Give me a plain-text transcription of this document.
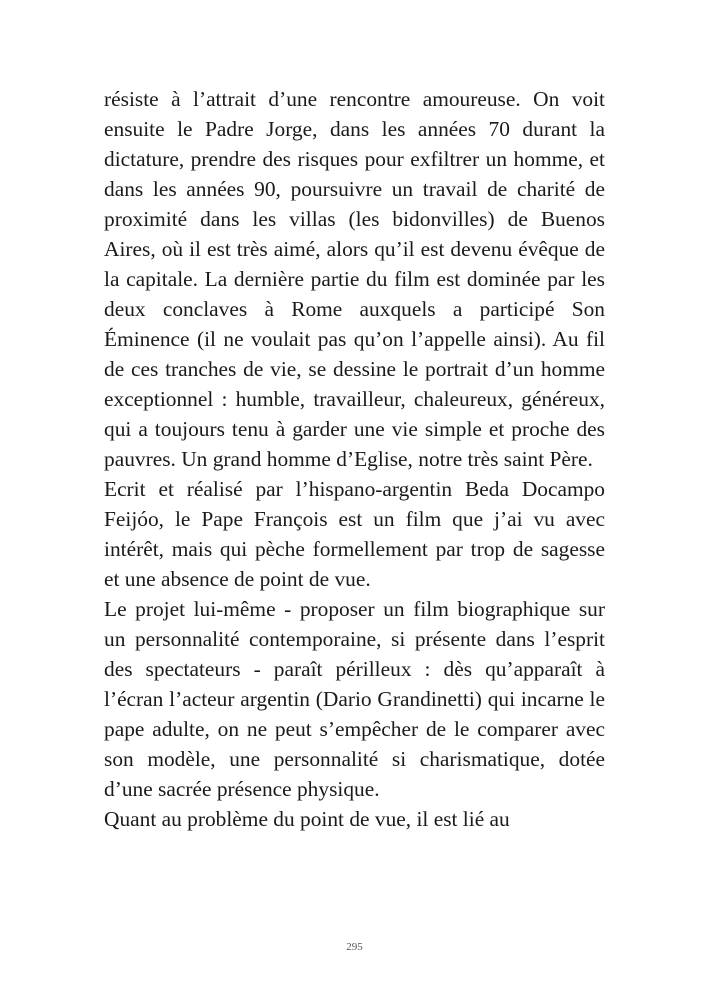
résiste à l’attrait d’une rencontre amoureuse. On voit ensuite le Padre Jorge, dans les années 70 durant la dictature, prendre des risques pour exfiltrer un homme, et dans les années 90, poursuivre un travail de charité de proximité dans les villas (les bidonvilles) de Buenos Aires, où il est très aimé, alors qu’il est devenu évêque de la capitale. La dernière partie du film est dominée par les deux conclaves à Rome auxquels a participé Son Éminence (il ne voulait pas qu’on l’appelle ainsi). Au fil de ces tranches de vie, se dessine le portrait d’un homme exceptionnel : humble, travailleur, chaleureux, généreux, qui a toujours tenu à garder une vie simple et proche des pauvres. Un grand homme d’Eglise, notre très saint Père.

Ecrit et réalisé par l’hispano-argentin Beda Docampo Feijóo, le Pape François est un film que j’ai vu avec intérêt, mais qui pèche formellement par trop de sagesse et une absence de point de vue.

Le projet lui-même - proposer un film biographique sur un personnalité contemporaine, si présente dans l’esprit des spectateurs - paraît périlleux : dès qu’apparaît à l’écran l’acteur argentin (Dario Grandinetti) qui incarne le pape adulte, on ne peut s’empêcher de le comparer avec son modèle, une personnalité si charismatique, dotée d’une sacrée présence physique.

Quant au problème du point de vue, il est lié au

295
